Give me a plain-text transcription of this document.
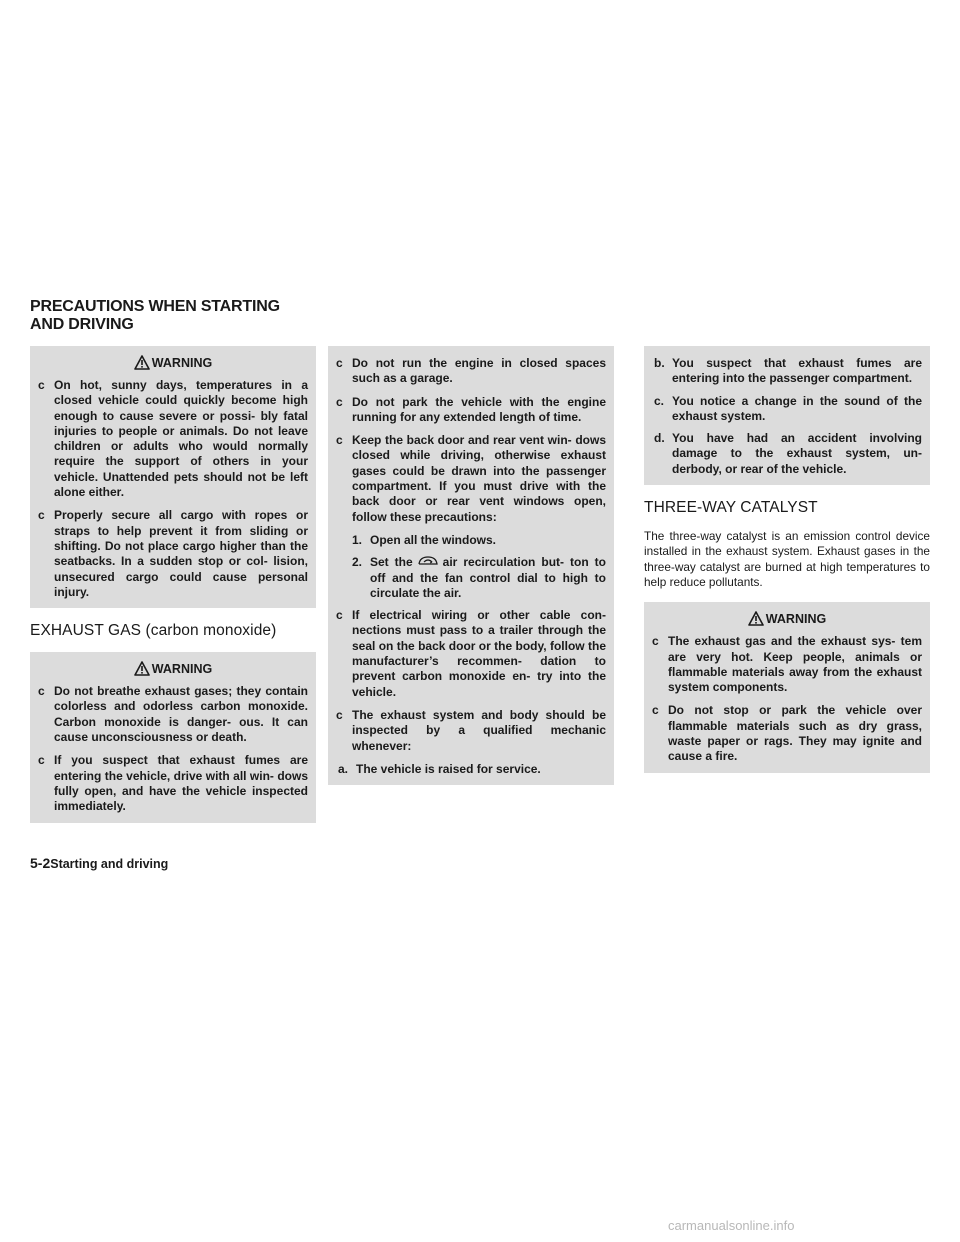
PRECAUTIONS WHEN STARTING
AND DRIVING
WARNING

c On hot, sunny days, temperatures in a closed vehicle could quickly become high enough to cause severe or possi- bly fatal injuries to people or animals. Do not leave children or adults who would normally require the support of others in your vehicle. Unattended pets should not be left alone either.

c Properly secure all cargo with ropes or straps to help prevent it from sliding or shifting. Do not place cargo higher than the seatbacks. In a sudden stop or col- lision, unsecured cargo could cause personal injury.

EXHAUST GAS (carbon monoxide)
WARNING

c Do not breathe exhaust gases; they contain colorless and odorless carbon monoxide. Carbon monoxide is danger- ous. It can cause unconsciousness or death.

c If you suspect that exhaust fumes are entering the vehicle, drive with all win- dows fully open, and have the vehicle inspected immediately.

c Do not run the engine in closed spaces such as a garage.

c Do not park the vehicle with the engine running for any extended length of time.

c Keep the back door and rear vent win- dows closed while driving, otherwise exhaust gases could be drawn into the passenger compartment. If you must drive with the back door or rear vent windows open, follow these precautions:

1. Open all the windows.

2. Set the	air recirculation but- ton to off and the fan control dial to high to circulate the air.

c If electrical wiring or other cable con- nections must pass to a trailer through the seal on the back door or the body, follow the manufacturer’s recommen- dation to prevent carbon monoxide en- try into the vehicle.

c The exhaust system and body should be inspected by a qualified mechanic whenever:

a. The vehicle is raised for service.

b. You suspect that exhaust fumes are entering into the passenger compartment.

c. You notice a change in the sound of the exhaust system.

d. You have had an accident involving damage to the exhaust system, un- derbody, or rear of the vehicle.

THREE-WAY CATALYST

The three-way catalyst is an emission control device installed in the exhaust system. Exhaust gases in the three-way catalyst are burned at high temperatures to help reduce pollutants.

WARNING

c The exhaust gas and the exhaust sys- tem are very hot. Keep people, animals or flammable materials away from the exhaust system components.

c Do not stop or park the vehicle over flammable materials such as dry grass, waste paper or rags. They may ignite and cause a fire.

5-2Starting and driving
carmanualsonline.info
